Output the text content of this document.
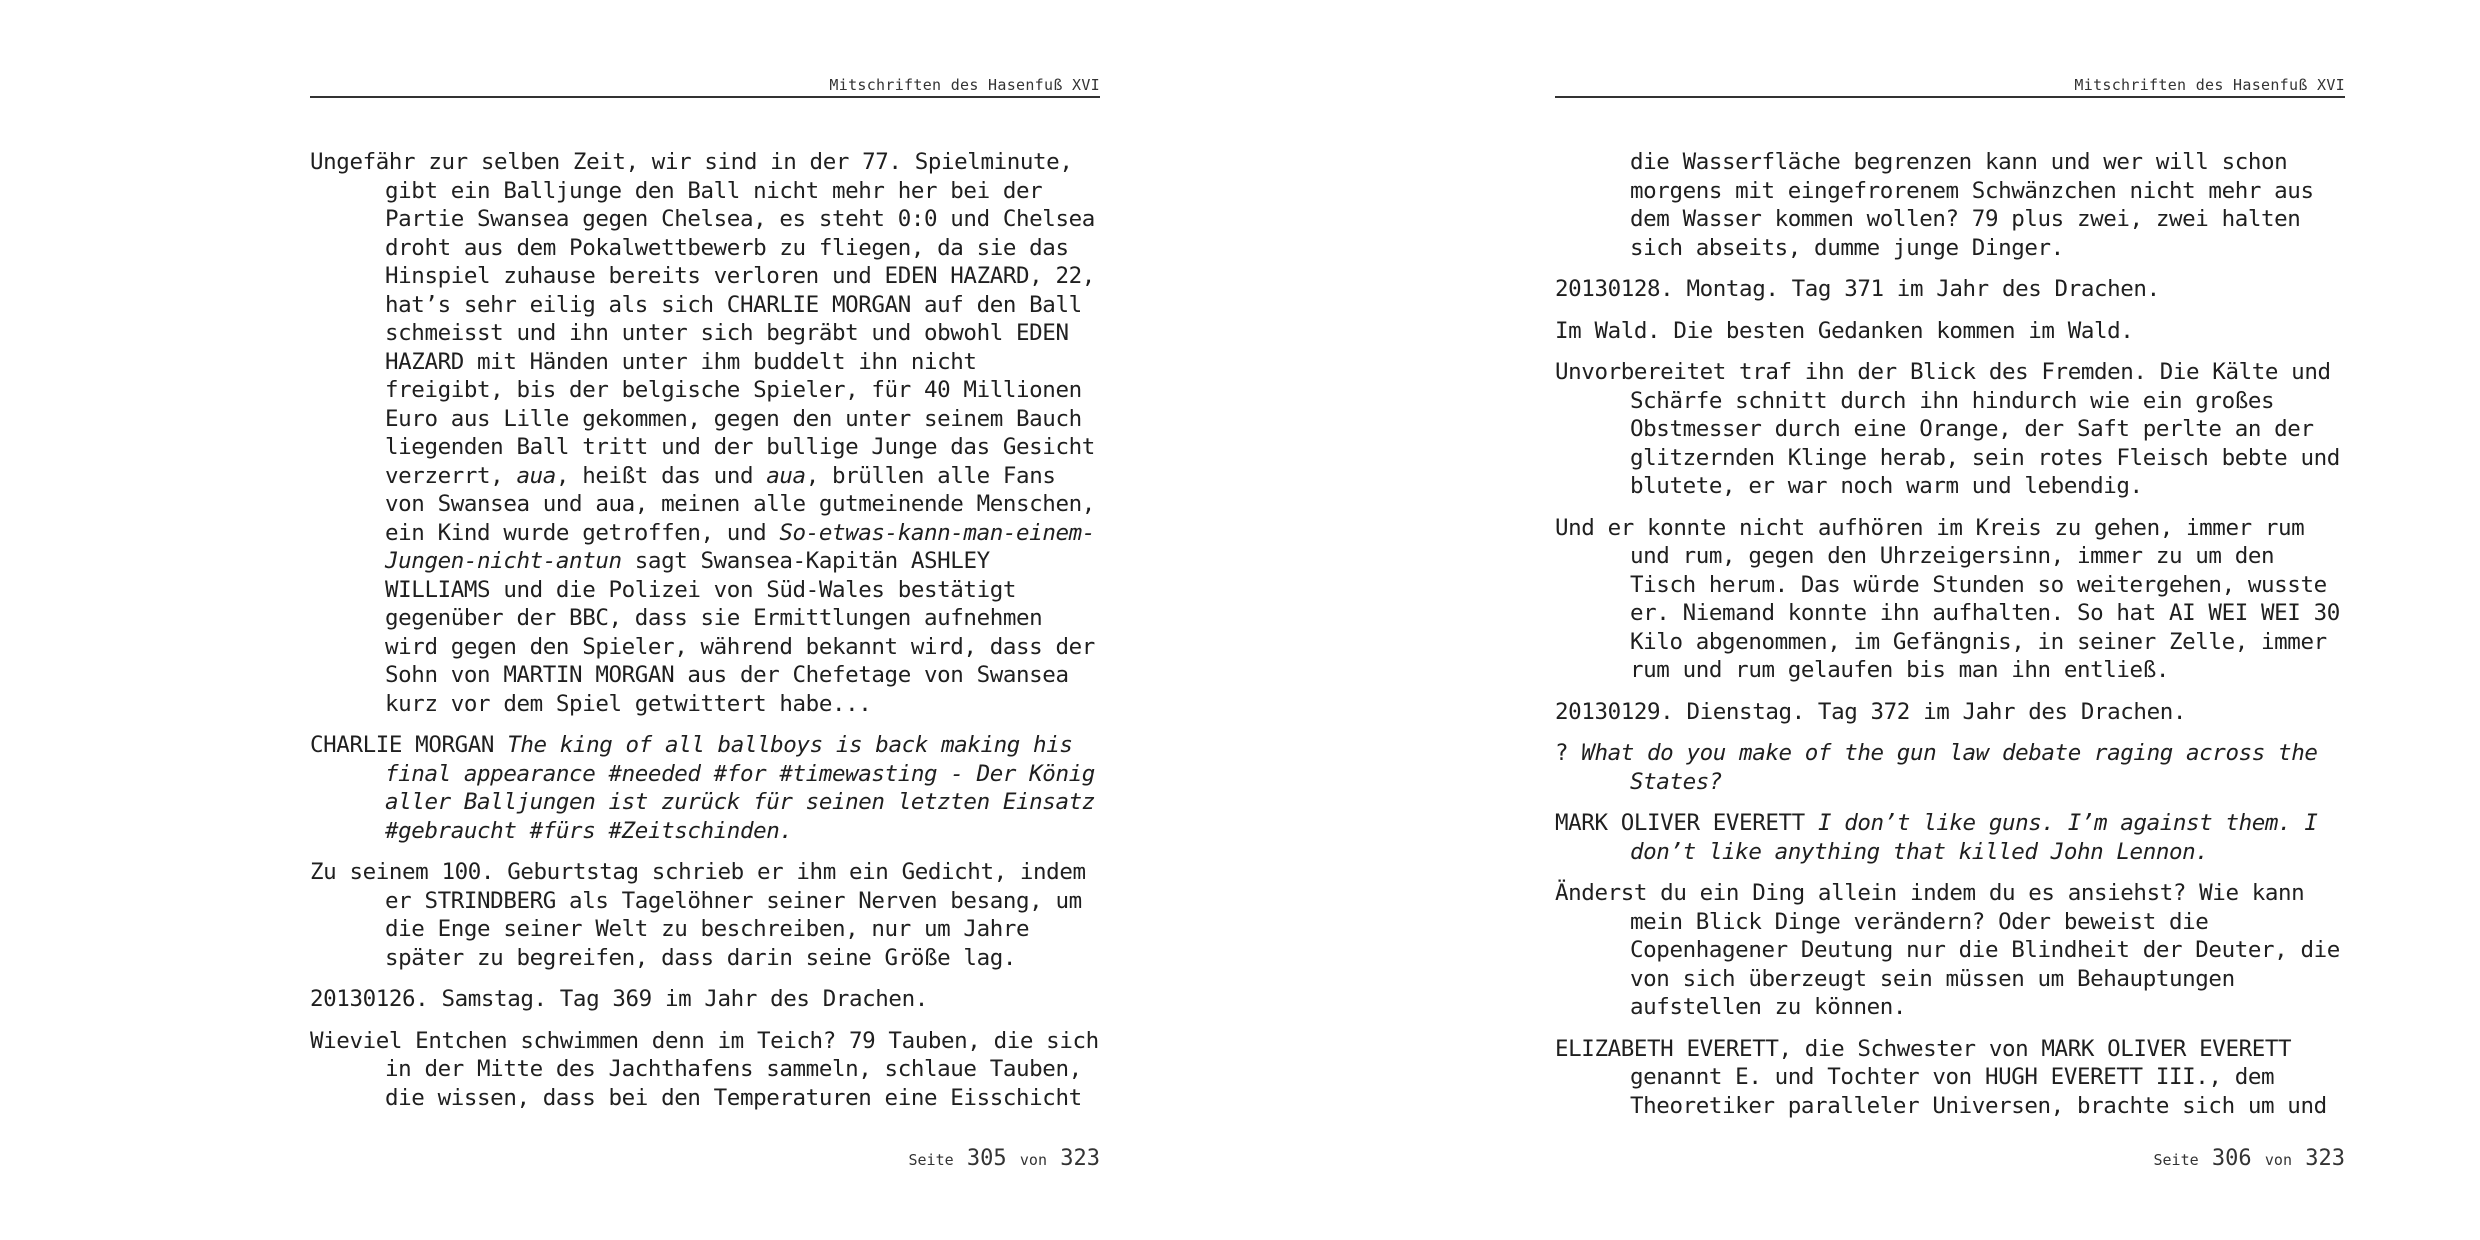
Mitschriften des Hasenfuß XVI

Ungefähr zur selben Zeit, wir sind in der 77. Spielminute, gibt ein Balljunge den Ball nicht mehr her bei der Partie Swansea gegen Chelsea, es steht 0:0 und Chelsea droht aus dem Pokalwettbewerb zu fliegen, da sie das Hinspiel zuhause bereits verloren und EDEN HAZARD, 22, hat’s sehr eilig als sich CHARLIE MORGAN auf den Ball schmeisst und ihn unter sich begräbt und obwohl EDEN HAZARD mit Händen unter ihm buddelt ihn nicht freigibt, bis der belgische Spieler, für 40 Millionen Euro aus Lille gekommen, gegen den unter seinem Bauch liegenden Ball tritt und der bullige Junge das Gesicht verzerrt, aua, heißt das und aua, brüllen alle Fans von Swansea und aua, meinen alle gutmeinende Menschen, ein Kind wurde getroffen, und So-etwas-kann-man-einem-Jungen-nicht-antun sagt Swansea-Kapitän ASHLEY WILLIAMS und die Polizei von Süd-Wales bestätigt gegenüber der BBC, dass sie Ermittlungen aufnehmen wird gegen den Spieler, während bekannt wird, dass der Sohn von MARTIN MORGAN aus der Chefetage von Swansea kurz vor dem Spiel getwittert habe...

CHARLIE MORGAN The king of all ballboys is back making his final appearance #needed #for #timewasting - Der König aller Balljungen ist zurück für seinen letzten Einsatz #gebraucht #fürs #Zeitschinden.

Zu seinem 100. Geburtstag schrieb er ihm ein Gedicht, indem er STRINDBERG als Tagelöhner seiner Nerven besang, um die Enge seiner Welt zu beschreiben, nur um Jahre später zu begreifen, dass darin seine Größe lag.

20130126. Samstag. Tag 369 im Jahr des Drachen.

Wieviel Entchen schwimmen denn im Teich? 79 Tauben, die sich in der Mitte des Jachthafens sammeln, schlaue Tauben, die wissen, dass bei den Temperaturen eine Eisschicht

Seite 305 von 323
Mitschriften des Hasenfuß XVI

die Wasserfläche begrenzen kann und wer will schon morgens mit eingefrorenem Schwänzchen nicht mehr aus dem Wasser kommen wollen? 79 plus zwei, zwei halten sich abseits, dumme junge Dinger.

20130128. Montag. Tag 371 im Jahr des Drachen.

Im Wald. Die besten Gedanken kommen im Wald.

Unvorbereitet traf ihn der Blick des Fremden. Die Kälte und Schärfe schnitt durch ihn hindurch wie ein großes Obstmesser durch eine Orange, der Saft perlte an der glitzernden Klinge herab, sein rotes Fleisch bebte und blutete, er war noch warm und lebendig.

Und er konnte nicht aufhören im Kreis zu gehen, immer rum und rum, gegen den Uhrzeigersinn, immer zu um den Tisch herum. Das würde Stunden so weitergehen, wusste er. Niemand konnte ihn aufhalten. So hat AI WEI WEI 30 Kilo abgenommen, im Gefängnis, in seiner Zelle, immer rum und rum gelaufen bis man ihn entließ.

20130129. Dienstag. Tag 372 im Jahr des Drachen.

? What do you make of the gun law debate raging across the States?

MARK OLIVER EVERETT I don’t like guns. I’m against them. I don’t like anything that killed John Lennon.

Änderst du ein Ding allein indem du es ansiehst? Wie kann mein Blick Dinge verändern? Oder beweist die Copenhagener Deutung nur die Blindheit der Deuter, die von sich überzeugt sein müssen um Behauptungen aufstellen zu können.

ELIZABETH EVERETT, die Schwester von MARK OLIVER EVERETT genannt E. und Tochter von HUGH EVERETT III., dem Theoretiker paralleler Universen, brachte sich um und

Seite 306 von 323
